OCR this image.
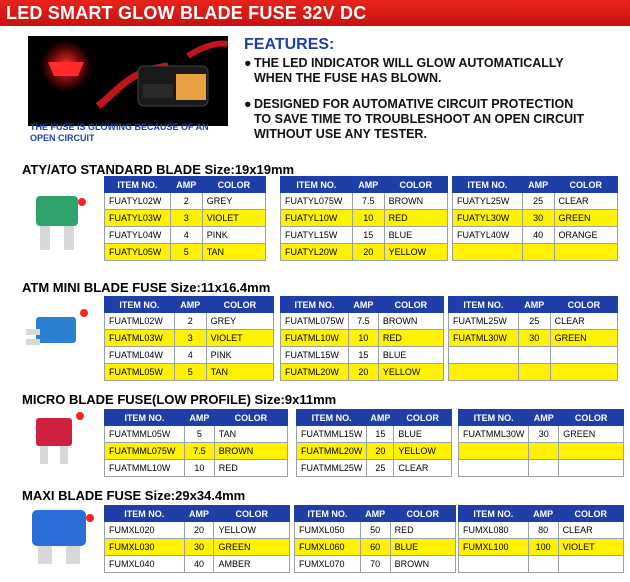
LED SMART GLOW BLADE FUSE 32V DC
THE FUSE IS GLOWING BECAUSE OF AN OPEN CIRCUIT
FEATURES:
● THE LED INDICATOR WILL GLOW AUTOMATICALLY
WHEN THE FUSE HAS BLOWN.
● DESIGNED FOR AUTOMATIVE CIRCUIT PROTECTION
TO SAVE TIME TO TROUBLESHOOT AN OPEN CIRCUIT
WITHOUT USE ANY TESTER.
ATY/ATO STANDARD BLADE Size:19x19mm
ATM MINI BLADE FUSE Size:11x16.4mm
MICRO BLADE FUSE(LOW PROFILE) Size:9x11mm
MAXI BLADE FUSE Size:29x34.4mm
ITEM NO.	AMP	COLOR
FUATYL02W	2	GREY
FUATYL03W	3	VIOLET
FUATYL04W	4	PINK
FUATYL05W	5	TAN
ITEM NO.	AMP	COLOR
FUATYL075W	7.5	BROWN
FUATYL10W	10	RED
FUATYL15W	15	BLUE
FUATYL20W	20	YELLOW
ITEM NO.	AMP	COLOR
FUATYL25W	25	CLEAR
FUATYL30W	30	GREEN
FUATYL40W	40	ORANGE

ITEM NO.	AMP	COLOR
FUATML02W	2	GREY
FUATML03W	3	VIOLET
FUATML04W	4	PINK
FUATML05W	5	TAN
ITEM NO.	AMP	COLOR
FUATML075W	7.5	BROWN
FUATML10W	10	RED
FUATML15W	15	BLUE
FUATML20W	20	YELLOW
ITEM NO.	AMP	COLOR
FUATML25W	25	CLEAR
FUATML30W	30	GREEN

ITEM NO.	AMP	COLOR
FUATMML05W	5	TAN
FUATMML075W	7.5	BROWN
FUATMML10W	10	RED
ITEM NO.	AMP	COLOR
FUATMML15W	15	BLUE
FUATMML20W	20	YELLOW
FUATMML25W	25	CLEAR
ITEM NO.	AMP	COLOR
FUATMML30W	30	GREEN

ITEM NO.	AMP	COLOR
FUMXL020	20	YELLOW
FUMXL030	30	GREEN
FUMXL040	40	AMBER
ITEM NO.	AMP	COLOR
FUMXL050	50	RED
FUMXL060	60	BLUE
FUMXL070	70	BROWN
ITEM NO.	AMP	COLOR
FUMXL080	80	CLEAR
FUMXL100	100	VIOLET
